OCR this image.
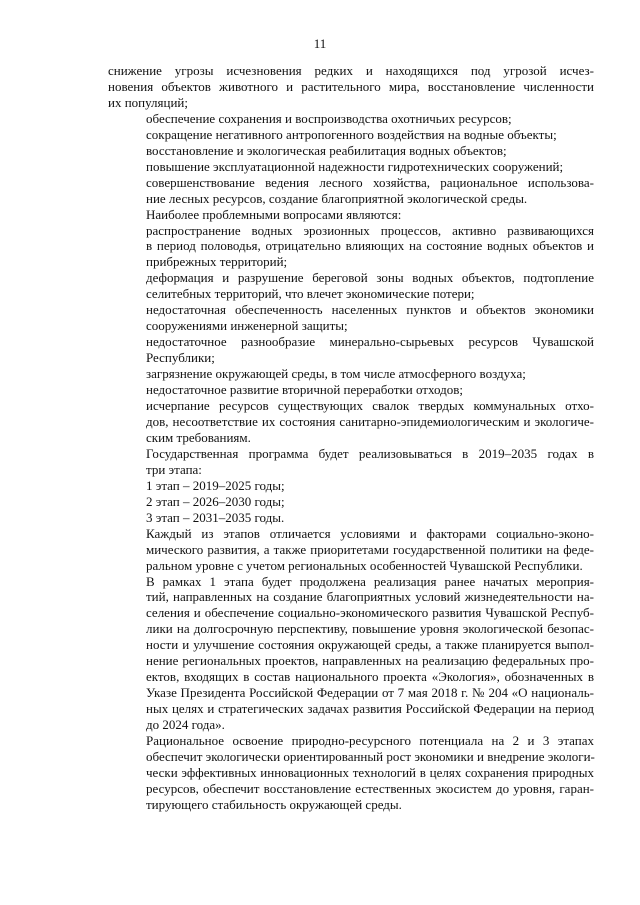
11
снижение угрозы исчезновения редких и находящихся под угрозой исчез-
новения объектов животного и растительного мира, восстановление численности
их популяций;
обеспечение сохранения и воспроизводства охотничьих ресурсов;
сокращение негативного антропогенного воздействия на водные объекты;
восстановление и экологическая реабилитация водных объектов;
повышение эксплуатационной надежности гидротехнических сооружений;
совершенствование ведения лесного хозяйства, рациональное использова-
ние лесных ресурсов, создание благоприятной экологической среды.
Наиболее проблемными вопросами являются:
распространение водных эрозионных процессов, активно развивающихся
в период половодья, отрицательно влияющих на состояние водных объектов и
прибрежных территорий;
деформация и разрушение береговой зоны водных объектов, подтопление
селитебных территорий, что влечет экономические потери;
недостаточная обеспеченность населенных пунктов и объектов экономики
сооружениями инженерной защиты;
недостаточное разнообразие минерально-сырьевых ресурсов Чувашской
Республики;
загрязнение окружающей среды, в том числе атмосферного воздуха;
недостаточное развитие вторичной переработки отходов;
исчерпание ресурсов существующих свалок твердых коммунальных отхо-
дов, несоответствие их состояния санитарно-эпидемиологическим и экологиче-
ским требованиям.
Государственная программа будет реализовываться в 2019–2035 годах в
три этапа:
1 этап – 2019–2025 годы;
2 этап – 2026–2030 годы;
3 этап – 2031–2035 годы.
Каждый из этапов отличается условиями и факторами социально-эконо-
мического развития, а также приоритетами государственной политики на феде-
ральном уровне с учетом региональных особенностей Чувашской Республики.
В рамках 1 этапа будет продолжена реализация ранее начатых мероприя-
тий, направленных на создание благоприятных условий жизнедеятельности на-
селения и обеспечение социально-экономического развития Чувашской Респуб-
лики на долгосрочную перспективу, повышение уровня экологической безопас-
ности и улучшение состояния окружающей среды, а также планируется выпол-
нение региональных проектов, направленных на реализацию федеральных про-
ектов, входящих в состав национального проекта «Экология», обозначенных в
Указе Президента Российской Федерации от 7 мая 2018 г. № 204 «О националь-
ных целях и стратегических задачах развития Российской Федерации на период
до 2024 года».
Рациональное освоение природно-ресурсного потенциала на 2 и 3 этапах
обеспечит экологически ориентированный рост экономики и внедрение экологи-
чески эффективных инновационных технологий в целях сохранения природных
ресурсов, обеспечит восстановление естественных экосистем до уровня, гаран-
тирующего стабильность окружающей среды.
